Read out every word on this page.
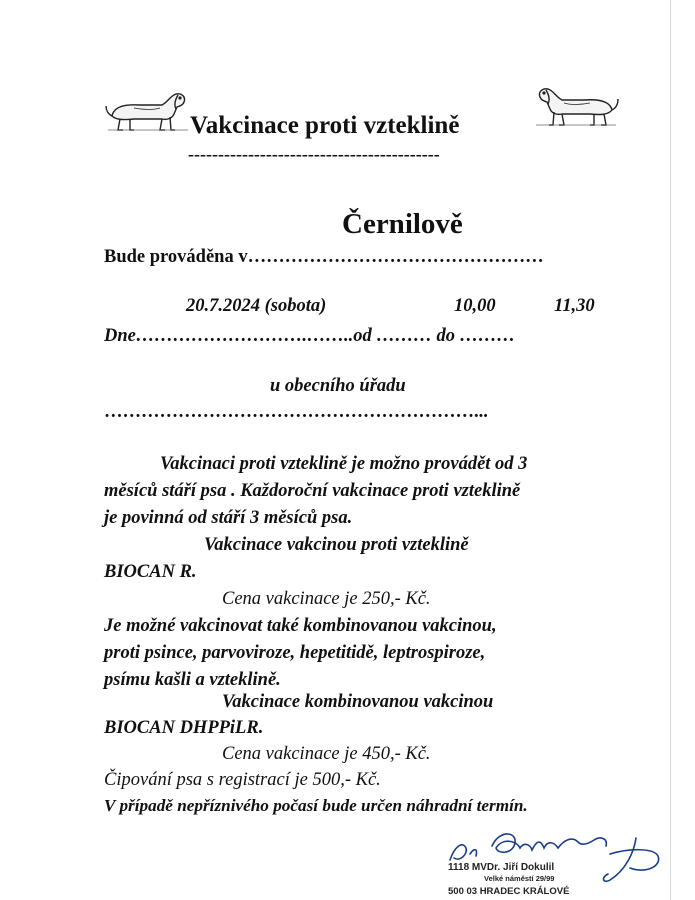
Vakcinace proti vzteklině
------------------------------------------
Černilově
Bude prováděna v…………………………………………
20.7.2024 (sobota)	10,00	11,30
Dne……………………….……..od ……… do ………
u obecního úřadu
……………………………………………………...
Vakcinaci proti vzteklině je možno provádět od 3
měsíců stáří psa . Každoroční vakcinace proti vzteklině
je povinná od stáří 3 měsíců psa.
Vakcinace vakcinou proti vzteklině
BIOCAN R.
Cena vakcinace je 250,- Kč.
Je možné vakcinovat také kombinovanou vakcinou,
proti psince, parvoviroze, hepetitidě, leptrospiroze,
psímu kašli a vzteklině.
Vakcinace kombinovanou vakcinou
BIOCAN DHPPiLR.
Cena vakcinace je 450,- Kč.
Čipování psa s registrací je 500,- Kč.
V případě nepříznivého počasí bude určen náhradní termín.
1118 MVDr. Jiří Dokulil
Velké náměstí 29/99
500 03 HRADEC KRÁLOVÉ
